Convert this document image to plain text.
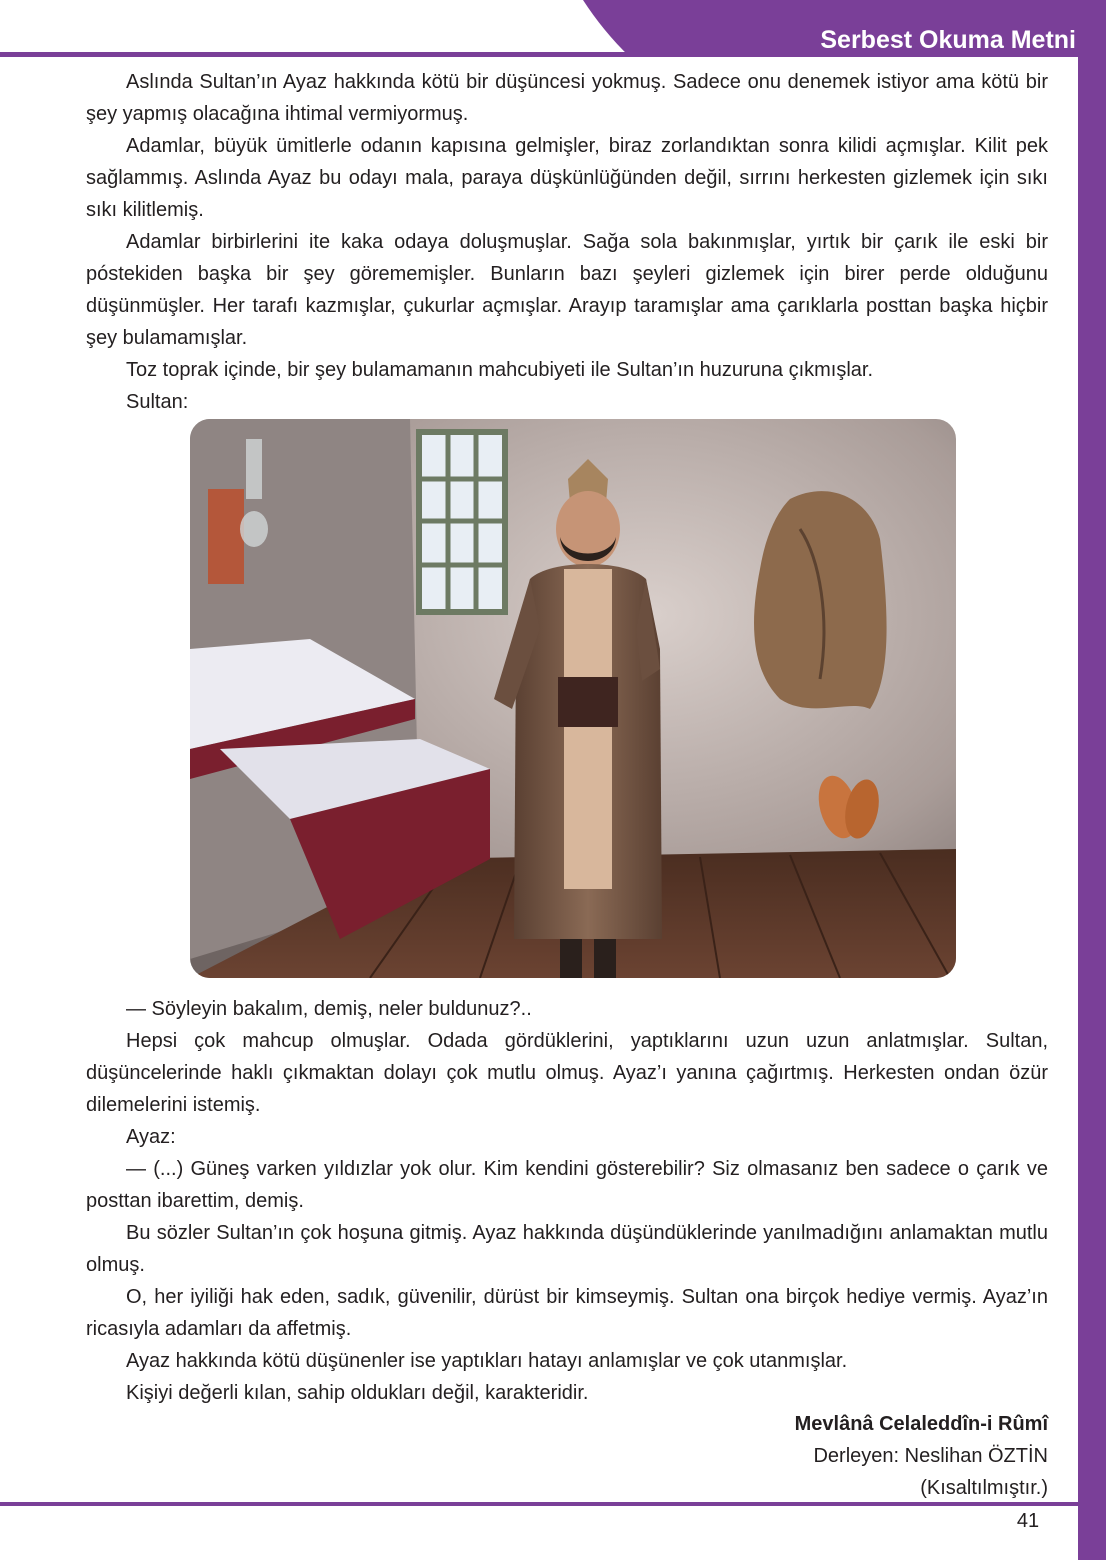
Serbest Okuma Metni

Aslında Sultan’ın Ayaz hakkında kötü bir düşüncesi yokmuş. Sadece onu denemek istiyor ama kötü bir şey yapmış olacağına ihtimal vermiyormuş.

Adamlar, büyük ümitlerle odanın kapısına gelmişler, biraz zorlandıktan sonra kilidi açmışlar. Kilit pek sağlammış. Aslında Ayaz bu odayı mala, paraya düşkünlüğünden değil, sırrını herkesten gizlemek için sıkı sıkı kilitlemiş.

Adamlar birbirlerini ite kaka odaya doluşmuşlar. Sağa sola bakınmışlar, yırtık bir çarık ile eski bir póstekiden başka bir şey görememişler. Bunların bazı şeyleri gizlemek için birer perde olduğunu düşünmüşler. Her tarafı kazmışlar, çukurlar açmışlar. Arayıp taramışlar ama çarıklarla posttan başka hiçbir şey bulamamışlar.

Toz toprak içinde, bir şey bulamamanın mahcubiyeti ile Sultan’ın huzuruna çıkmışlar.

Sultan:

— Söyleyin bakalım, demiş, neler buldunuz?..

Hepsi çok mahcup olmuşlar. Odada gördüklerini, yaptıklarını uzun uzun anlatmışlar. Sultan, düşüncelerinde haklı çıkmaktan dolayı çok mutlu olmuş. Ayaz’ı yanına çağırtmış. Herkesten ondan özür dilemelerini istemiş.

Ayaz:

— (...) Güneş varken yıldızlar yok olur. Kim kendini gösterebilir? Siz olmasanız ben sadece o çarık ve posttan ibarettim, demiş.

Bu sözler Sultan’ın çok hoşuna gitmiş. Ayaz hakkında düşündüklerinde yanılmadığını anlamaktan mutlu olmuş.

O, her iyiliği hak eden, sadık, güvenilir, dürüst bir kimseymiş. Sultan ona birçok hediye vermiş. Ayaz’ın ricasıyla adamları da affetmiş.

Ayaz hakkında kötü düşünenler ise yaptıkları hatayı anlamışlar ve çok utanmışlar.

Kişiyi değerli kılan, sahip oldukları değil, karakteridir.

Mevlânâ Celaleddîn-i Rûmî
Derleyen: Neslihan ÖZTİN
(Kısaltılmıştır.)
41
